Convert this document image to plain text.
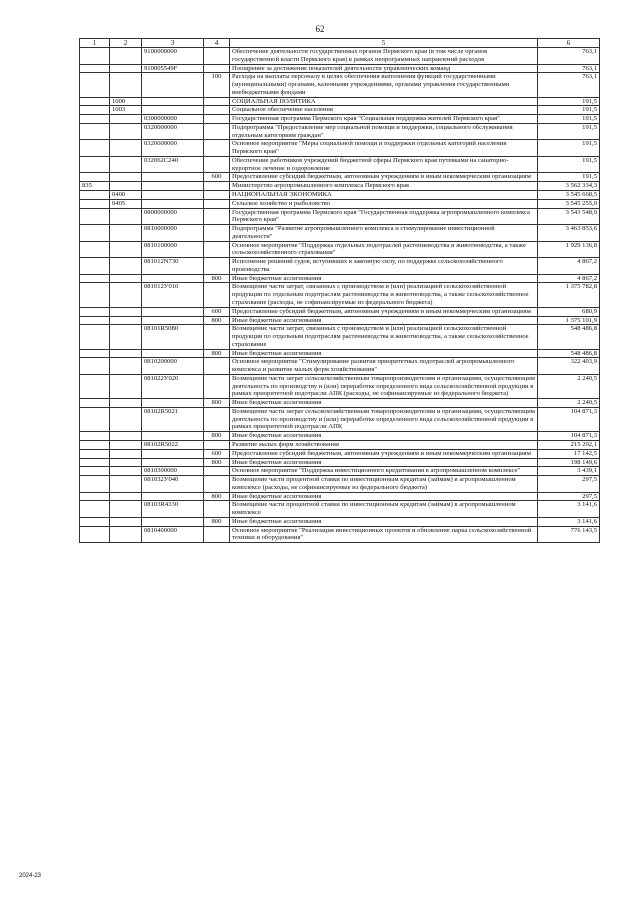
62
1	2	3	4	5	6
		9100000000		Обеспечение деятельности государственных органов Пермского края (в том числе органов государственной власти Пермского края) в рамках непрограммных направлений расходов	763,1
		910005549F		Поощрение за достижение показателей деятельности управленческих команд	763,1
			100	Расходы на выплаты персоналу в целях обеспечения выполнения функций государственными (муниципальными) органами, казенными учреждениями, органами управления государственными внебюджетными фондами	763,1
	1000			СОЦИАЛЬНАЯ ПОЛИТИКА	191,5
	1003			Социальное обеспечение населения	191,5
		0300000000		Государственная программа Пермского края "Социальная поддержка жителей Пермского края"	191,5
		0320000000		Подпрограмма "Предоставление мер социальной помощи и поддержки, социального обслуживания отдельным категориям граждан"	191,5
		0320600000		Основное мероприятие "Меры социальной помощи и поддержки отдельных категорий населения Пермского края"	191,5
		032062C240		Обеспечение работников учреждений бюджетной сферы Пермского края путевками на санаторно-курортное лечение и оздоровление	191,5
			600	Предоставление субсидий бюджетным, автономным учреждениям и иным некоммерческим организациям	191,5
835				Министерство агропромышленного комплекса Пермского края	3 562 334,3
	0400			НАЦИОНАЛЬНАЯ ЭКОНОМИКА	3 545 668,5
	0405			Сельское хозяйство и рыболовство	3 545 255,0
		0800000000		Государственная программа Пермского края "Государственная поддержка агропромышленного комплекса Пермского края"	3 543 548,9
		0810000000		Подпрограмма "Развитие агропромышленного комплекса и стимулирование инвестиционной деятельности"	3 463 853,6
		0810100000		Основное мероприятие "Поддержка отдельных подотраслей растениеводства и животноводства, а также сельскохозяйственного страхования"	1 929 136,8
		081012N730		Исполнение решений судов, вступивших в законную силу, по поддержке сельскохозяйственного производства	4 867,2
			800	Иные бюджетные ассигнования	4 867,2
		081012У010		Возмещение части затрат, связанных с производством и (или) реализацией сельскохозяйственной продукции по отдельным подотраслям растениеводства и животноводства, а также сельскохозяйственное страхование (расходы, не софинансируемые из федерального бюджета)	1 375 782,8
			600	Предоставление субсидий бюджетным, автономным учреждениям и иным некоммерческим организациям	680,9
			800	Иные бюджетные ассигнования	1 375 101,9
		08101R5080		Возмещение части затрат, связанных с производством и (или) реализацией сельскохозяйственной продукции по отдельным подотраслям растениеводства и животноводства, а также сельскохозяйственное страхование	548 486,8
			800	Иные бюджетные ассигнования	548 486,8
		0810200000		Основное мероприятие "Стимулирование развития приоритетных подотраслей агропромышленного комплекса и развитие малых форм хозяйствования"	322 403,9
		081022У020		Возмещение части затрат сельскохозяйственным товаропроизводителям и организациям, осуществляющим деятельность по производству и (или) переработке определенного вида сельскохозяйственной продукции в рамках приоритетной подотрасли АПК (расходы, не софинансируемые из федерального бюджета)	2 240,5
			800	Иные бюджетные ассигнования	2 240,5
		08102R5021		Возмещение части затрат сельскохозяйственным товаропроизводителям и организациям, осуществляющим деятельность по производству и (или) переработке определенного вида сельскохозяйственной продукции в рамках приоритетной подотрасли АПК	104 871,3
			800	Иные бюджетные ассигнования	104 871,3
		08102R5022		Развитие малых форм хозяйствования	215 292,1
			600	Предоставление субсидий бюджетным, автономным учреждениям и иным некоммерческим организациям	17 142,5
			800	Иные бюджетные ассигнования	198 149,6
		0810300000		Основное мероприятие "Поддержка инвестиционного кредитования в агропромышленном комплексе"	3 439,1
		081032У040		Возмещение части процентной ставки по инвестиционным кредитам (займам) в агропромышленном комплексе (расходы, не софинансируемые из федерального бюджета)	297,5
			800	Иные бюджетные ассигнования	297,5
		08103R4330		Возмещение части процентной ставки по инвестиционным кредитам (займам) в агропромышленном комплексе	3 141,6
			800	Иные бюджетные ассигнования	3 141,6
		0810400000		Основное мероприятие "Реализация инвестиционных проектов и обновление парка сельскохозяйственной техники и оборудования"	776 143,5
2024-23
